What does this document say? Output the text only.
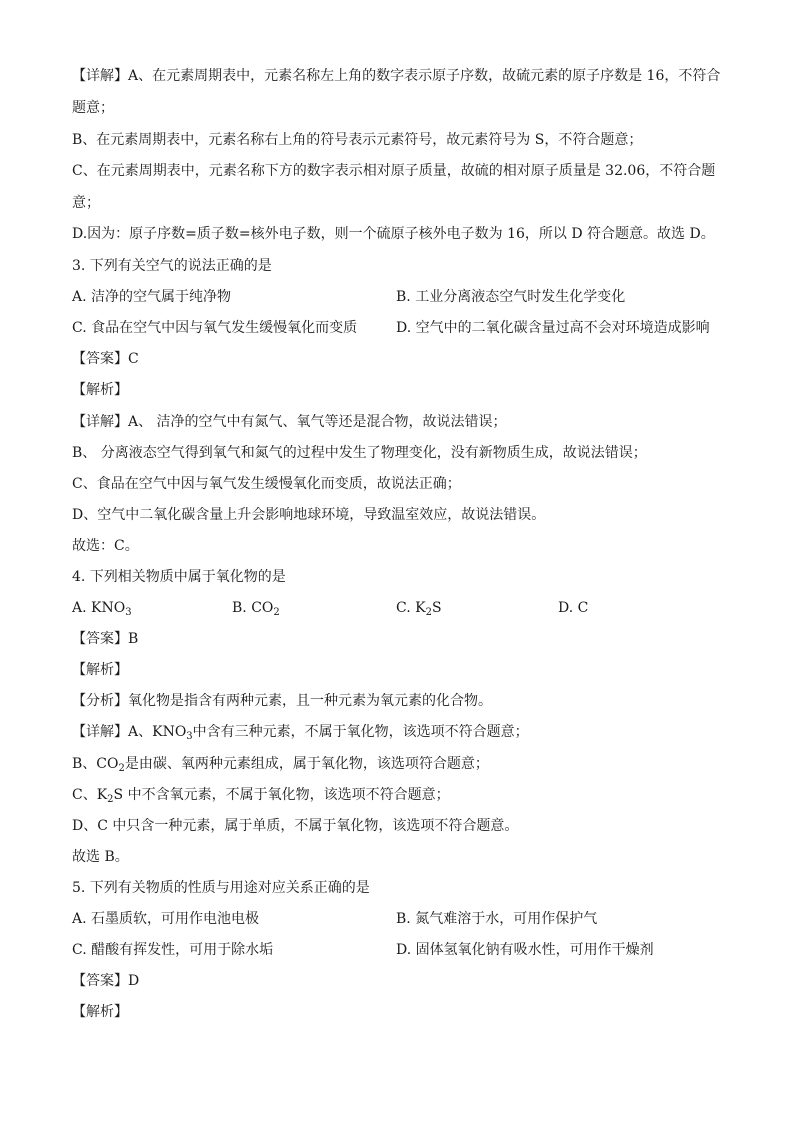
【详解】A、在元素周期表中，元素名称左上角的数字表示原子序数，故硫元素的原子序数是 16，不符合
题意；
B、在元素周期表中，元素名称右上角的符号表示元素符号，故元素符号为 S，不符合题意；
C、在元素周期表中，元素名称下方的数字表示相对原子质量，故硫的相对原子质量是 32.06，不符合题
意；
D.因为：原子序数=质子数=核外电子数，则一个硫原子核外电子数为 16，所以 D 符合题意。故选 D。
3. 下列有关空气的说法正确的是
A. 洁净的空气属于纯净物	B. 工业分离液态空气时发生化学变化
C. 食品在空气中因与氧气发生缓慢氧化而变质	D. 空气中的二氧化碳含量过高不会对环境造成影响
【答案】C
【解析】
【详解】A、 洁净的空气中有氮气、氧气等还是混合物，故说法错误；
B、 分离液态空气得到氧气和氮气的过程中发生了物理变化，没有新物质生成，故说法错误；
C、食品在空气中因与氧气发生缓慢氧化而变质，故说法正确；
D、空气中二氧化碳含量上升会影响地球环境，导致温室效应，故说法错误。
故选：C。
4. 下列相关物质中属于氧化物的是
A. $KNO_3$	B. $CO_2$	C. $K_2S$	D. C
【答案】B
【解析】
【分析】氧化物是指含有两种元素，且一种元素为氧元素的化合物。
【详解】A、$KNO_3$中含有三种元素，不属于氧化物，该选项不符合题意；
B、$CO_2$是由碳、氧两种元素组成，属于氧化物，该选项符合题意；
C、$K_2S$ 中不含氧元素，不属于氧化物，该选项不符合题意；
D、C 中只含一种元素，属于单质，不属于氧化物，该选项不符合题意。
故选 B。
5. 下列有关物质的性质与用途对应关系正确的是
A. 石墨质软，可用作电池电极	B. 氮气难溶于水，可用作保护气
C. 醋酸有挥发性，可用于除水垢	D. 固体氢氧化钠有吸水性，可用作干燥剂
【答案】D
【解析】
